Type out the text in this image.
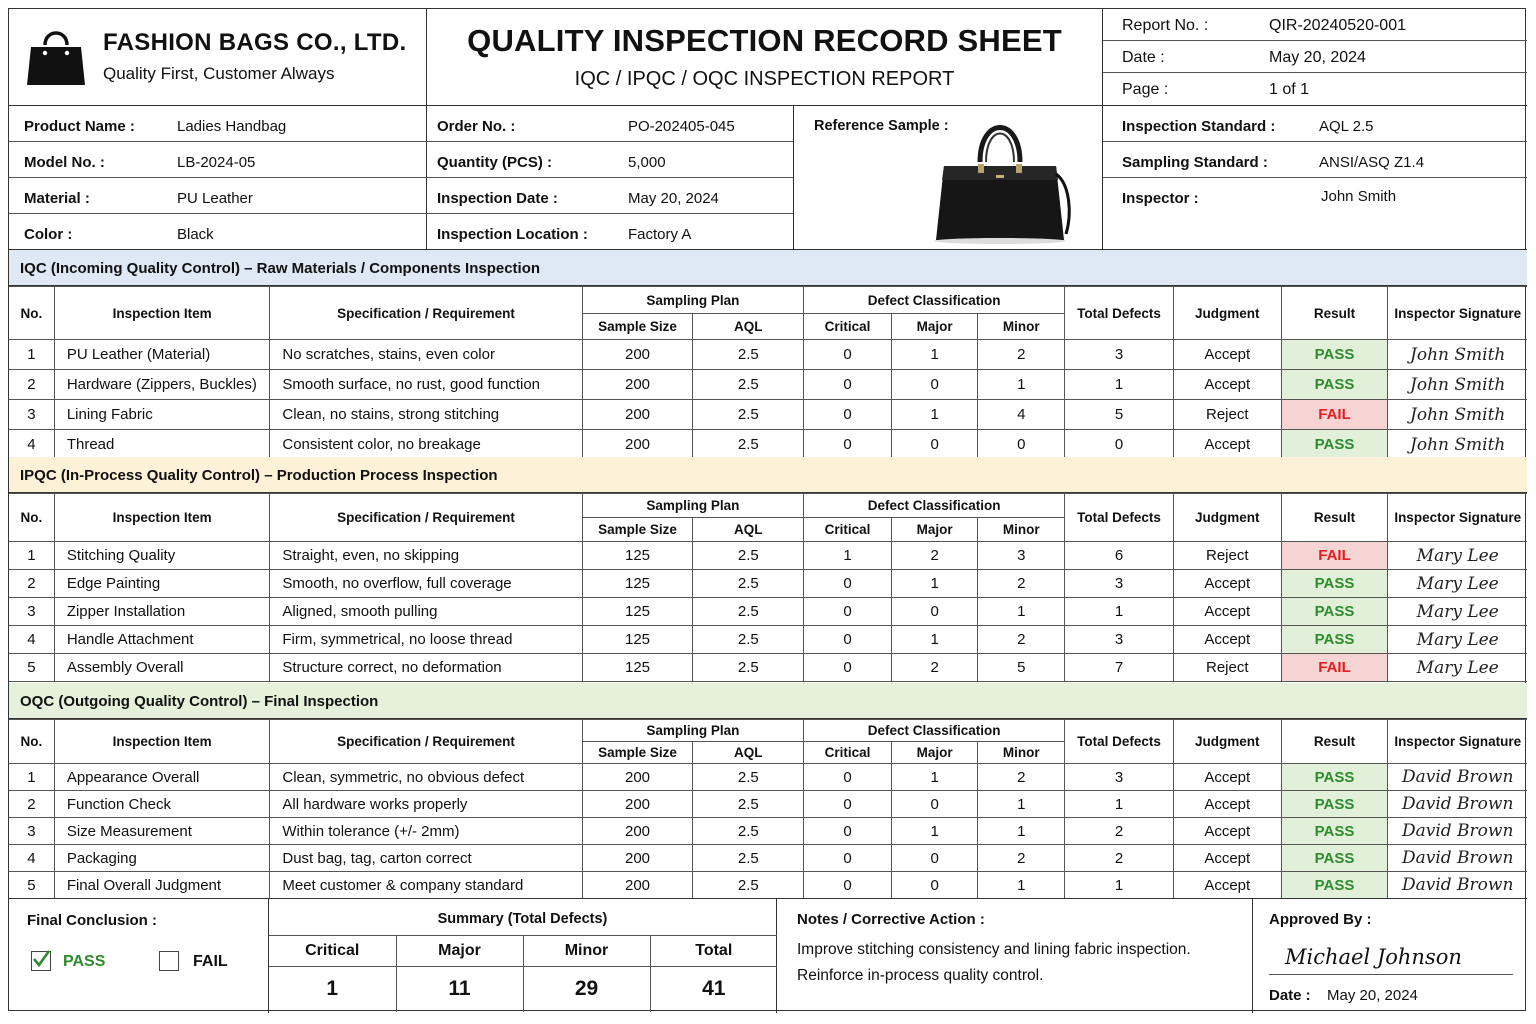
FASHION BAGS CO., LTD.
Quality First, Customer Always
QUALITY INSPECTION RECORD SHEET
IQC / IPQC / OQC INSPECTION REPORT
Report No. :	QIR-20240520-001
Date :	May 20, 2024
Page :	1 of 1
Product Name :	Ladies Handbag
Model No. :	LB-2024-05
Material :	PU Leather
Color :	Black
Order No. :	PO-202405-045
Quantity (PCS) :	5,000
Inspection Date :	May 20, 2024
Inspection Location :	Factory A
Reference Sample :	Inspection Standard :	AQL 2.5
Sampling Standard :	ANSI/ASQ Z1.4
Inspector :	John Smith
IQC (Incoming Quality Control) – Raw Materials / Components Inspection
No.	Inspection Item	Specification / Requirement	Sampling Plan		Defect Classification			Total Defects	Judgment	Result	Inspector Signature
			Sample Size	AQL	Critical	Major	Minor				
1	PU Leather (Material)	No scratches, stains, even color	200	2.5	0	1	2	3	Accept	PASS	John Smith
2	Hardware (Zippers, Buckles)	Smooth surface, no rust, good function	200	2.5	0	0	1	1	Accept	PASS	John Smith
3	Lining Fabric	Clean, no stains, strong stitching	200	2.5	0	1	4	5	Reject	FAIL	John Smith
4	Thread	Consistent color, no breakage	200	2.5	0	0	0	0	Accept	PASS	John Smith
IPQC (In-Process Quality Control) – Production Process Inspection
No.	Inspection Item	Specification / Requirement	Sampling Plan		Defect Classification			Total Defects	Judgment	Result	Inspector Signature
			Sample Size	AQL	Critical	Major	Minor				
1	Stitching Quality	Straight, even, no skipping	125	2.5	1	2	3	6	Reject	FAIL	Mary Lee
2	Edge Painting	Smooth, no overflow, full coverage	125	2.5	0	1	2	3	Accept	PASS	Mary Lee
3	Zipper Installation	Aligned, smooth pulling	125	2.5	0	0	1	1	Accept	PASS	Mary Lee
4	Handle Attachment	Firm, symmetrical, no loose thread	125	2.5	0	1	2	3	Accept	PASS	Mary Lee
5	Assembly Overall	Structure correct, no deformation	125	2.5	0	2	5	7	Reject	FAIL	Mary Lee
OQC (Outgoing Quality Control) – Final Inspection
No.	Inspection Item	Specification / Requirement	Sampling Plan		Defect Classification			Total Defects	Judgment	Result	Inspector Signature
			Sample Size	AQL	Critical	Major	Minor				
1	Appearance Overall	Clean, symmetric, no obvious defect	200	2.5	0	1	2	3	Accept	PASS	David Brown
2	Function Check	All hardware works properly	200	2.5	0	0	1	1	Accept	PASS	David Brown
3	Size Measurement	Within tolerance (+/- 2mm)	200	2.5	0	1	1	2	Accept	PASS	David Brown
4	Packaging	Dust bag, tag, carton correct	200	2.5	0	0	2	2	Accept	PASS	David Brown
5	Final Overall Judgment	Meet customer & company standard	200	2.5	0	0	1	1	Accept	PASS	David Brown
Final Conclusion :
PASS	FAIL
Summary (Total Defects)
Critical	Major	Minor	Total
1	11	29	41
Notes / Corrective Action :
Improve stitching consistency and lining fabric inspection.
Reinforce in-process quality control.
Approved By :
Michael Johnson
Date : May 20, 2024
